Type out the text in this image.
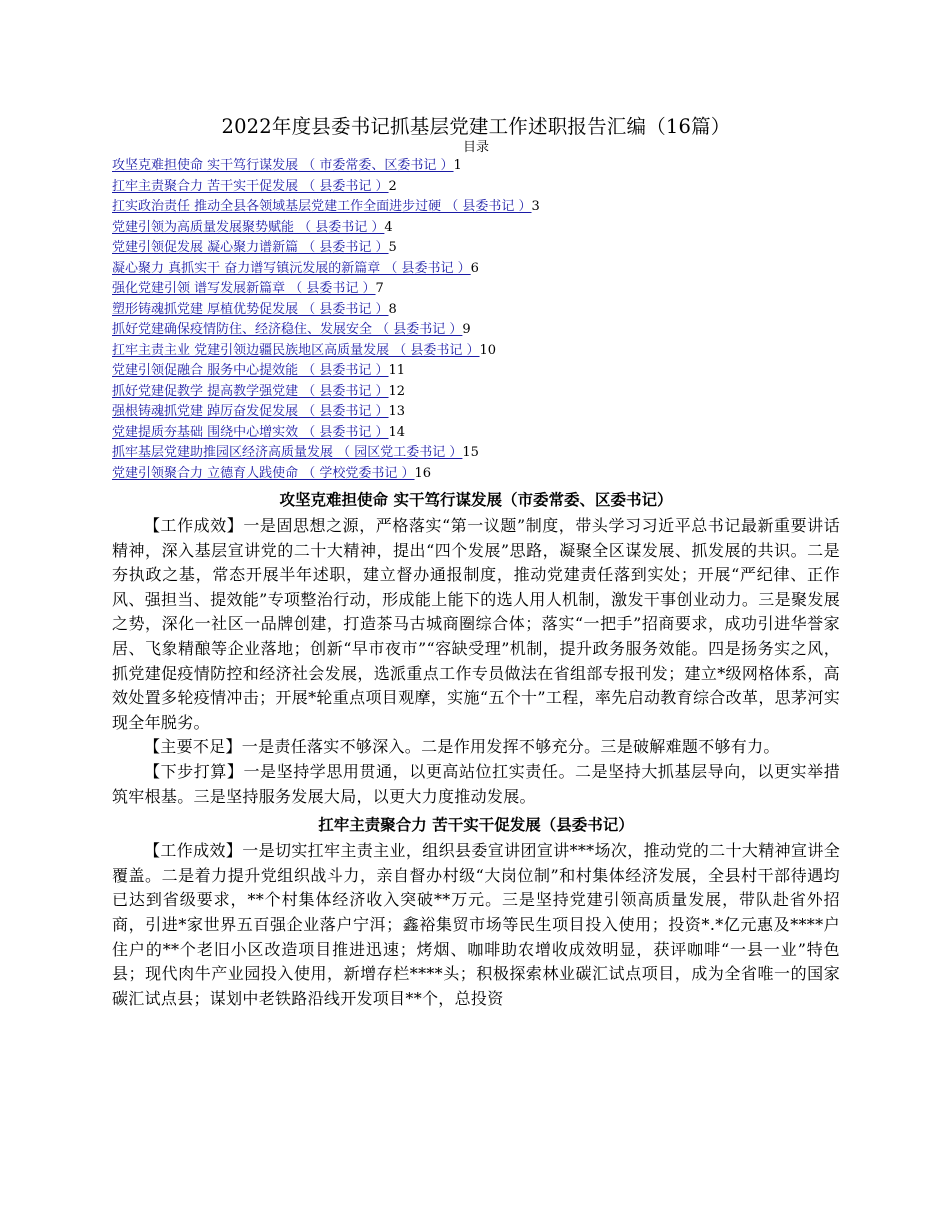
2022年度县委书记抓基层党建工作述职报告汇编（16篇）
目录
攻坚克难担使命 实干笃行谋发展 （ 市委常委、区委书记 ）1
扛牢主责聚合力 苦干实干促发展 （ 县委书记 ）2
扛实政治责任 推动全县各领域基层党建工作全面进步过硬 （ 县委书记 ）3
党建引领为高质量发展聚势赋能 （ 县委书记 ）4
党建引领促发展 凝心聚力谱新篇 （ 县委书记 ）5
凝心聚力 真抓实干 奋力谱写镇沅发展的新篇章 （ 县委书记 ）6
强化党建引领 谱写发展新篇章 （ 县委书记 ）7
塑形铸魂抓党建 厚植优势促发展 （ 县委书记 ）8
抓好党建确保疫情防住、经济稳住、发展安全 （ 县委书记 ）9
扛牢主责主业 党建引领边疆民族地区高质量发展 （ 县委书记 ）10
党建引领促融合 服务中心提效能 （ 县委书记 ）11
抓好党建促教学 提高教学强党建 （ 县委书记 ）12
强根铸魂抓党建 踔厉奋发促发展 （ 县委书记 ）13
党建提质夯基础 围绕中心增实效 （ 县委书记 ）14
抓牢基层党建助推园区经济高质量发展 （ 园区党工委书记 ）15
党建引领聚合力 立德育人践使命 （ 学校党委书记 ）16
攻坚克难担使命 实干笃行谋发展（市委常委、区委书记）

【工作成效】一是固思想之源，严格落实“第一议题”制度，带头学习习近平总书记最新重要讲话精神，深入基层宣讲党的二十大精神，提出“四个发展”思路，凝聚全区谋发展、抓发展的共识。二是夯执政之基，常态开展半年述职，建立督办通报制度，推动党建责任落到实处；开展“严纪律、正作风、强担当、提效能”专项整治行动，形成能上能下的选人用人机制，激发干事创业动力。三是聚发展之势，深化一社区一品牌创建，打造茶马古城商圈综合体；落实“一把手”招商要求，成功引进华誉家居、飞象精酿等企业落地；创新“早市夜市”“容缺受理”机制，提升政务服务效能。四是扬务实之风，抓党建促疫情防控和经济社会发展，选派重点工作专员做法在省组部专报刊发；建立*级网格体系，高效处置多轮疫情冲击；开展*轮重点项目观摩，实施“五个十”工程，率先启动教育综合改革，思茅河实现全年脱劣。

【主要不足】一是责任落实不够深入。二是作用发挥不够充分。三是破解难题不够有力。

【下步打算】一是坚持学思用贯通，以更高站位扛实责任。二是坚持大抓基层导向，以更实举措筑牢根基。三是坚持服务发展大局，以更大力度推动发展。

扛牢主责聚合力 苦干实干促发展（县委书记）

【工作成效】一是切实扛牢主责主业，组织县委宣讲团宣讲***场次，推动党的二十大精神宣讲全覆盖。二是着力提升党组织战斗力，亲自督办村级“大岗位制”和村集体经济发展，全县村干部待遇均已达到省级要求，**个村集体经济收入突破**万元。三是坚持党建引领高质量发展，带队赴省外招商，引进*家世界五百强企业落户宁洱；鑫裕集贸市场等民生项目投入使用；投资*.*亿元惠及****户住户的**个老旧小区改造项目推进迅速；烤烟、咖啡助农增收成效明显，获评咖啡“一县一业”特色县；现代肉牛产业园投入使用，新增存栏****头；积极探索林业碳汇试点项目，成为全省唯一的国家碳汇试点县；谋划中老铁路沿线开发项目**个，总投资
